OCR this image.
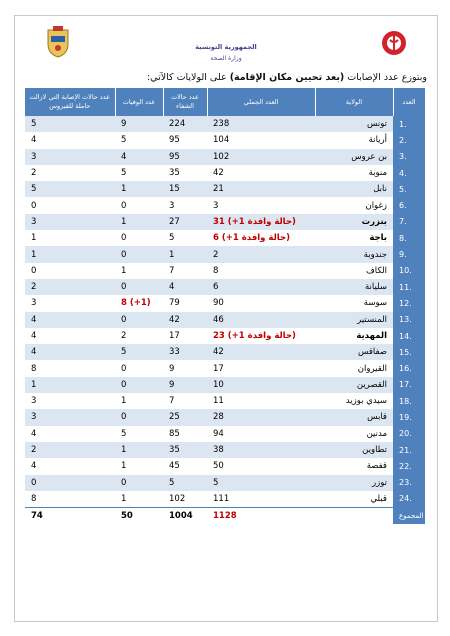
الجمهورية التونسية
وزارة الصحة
وبتوزع عدد الإصابات (بعد تحيين مكان الإقامة) على الولايات كالآتي:
العدد	الولاية	العدد الجملي	عدد حالات الشفاء	عدد الوفيات	عدد حالات الإصابة التي لازالت حاملة للفيروس
1.	تونس	238	224	9	5
2.	أريانة	104	95	5	4
3.	بن عروس	102	95	4	3
4.	منوبة	42	35	5	2
5.	نابل	21	15	1	5
6.	زغوان	3	3	0	0
7.	بنزرت	31 (+1 حالة وافدة)	27	1	3
8.	باجة	6 (+1 حالة وافدة)	5	0	1
9.	جندوبة	2	1	0	1
10.	الكاف	8	7	1	0
11.	سليانة	6	4	0	2
12.	سوسة	90	79	8 (+1)	3
13.	المنستير	46	42	0	4
14.	المهدية	23 (+1 حالة وافدة)	17	2	4
15.	صفاقس	42	33	5	4
16.	القيروان	17	9	0	8
17.	القصرين	10	9	0	1
18.	سيدي بوزيد	11	7	1	3
19.	قابس	28	25	0	3
20.	مدنين	94	85	5	4
21.	تطاوين	38	35	1	2
22.	قفصة	50	45	1	4
23.	توزر	5	5	0	0
24.	قبلي	111	102	1	8
المجموع		1128	1004	50	74
